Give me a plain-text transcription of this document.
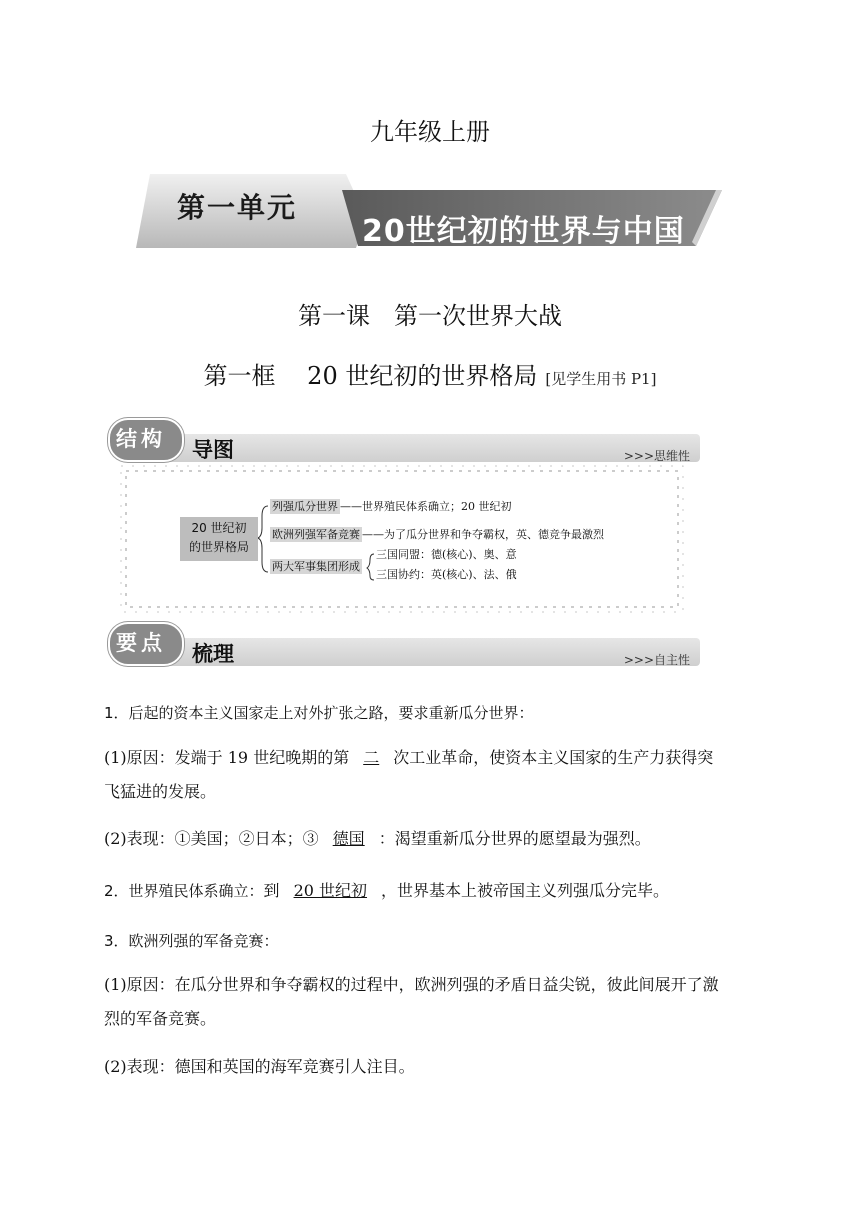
九年级上册
第一单元
20世纪初的世界与中国
第一课　第一次世界大战
第一框　 20 世纪初的世界格局 [见学生用书 P1]
结构 导图	>>>思维性
20 世纪初
的世界格局
列强瓜分世界 ——世界殖民体系确立；20 世纪初
欧洲列强军备竞赛 ——为了瓜分世界和争夺霸权，英、德竞争最激烈
两大军事集团形成
三国同盟：德(核心)、奥、意
三国协约：英(核心)、法、俄
要点 梳理	>>>自主性
1．后起的资本主义国家走上对外扩张之路，要求重新瓜分世界：
(1)原因：发端于 19 世纪晚期的第 二 次工业革命，使资本主义国家的生产力获得突
飞猛进的发展。
(2)表现：①美国；②日本；③ 德国 ：渴望重新瓜分世界的愿望最为强烈。
2．世界殖民体系确立：到 20 世纪初 ，世界基本上被帝国主义列强瓜分完毕。
3．欧洲列强的军备竞赛：
(1)原因：在瓜分世界和争夺霸权的过程中，欧洲列强的矛盾日益尖锐，彼此间展开了激
烈的军备竞赛。
(2)表现：德国和英国的海军竞赛引人注目。
